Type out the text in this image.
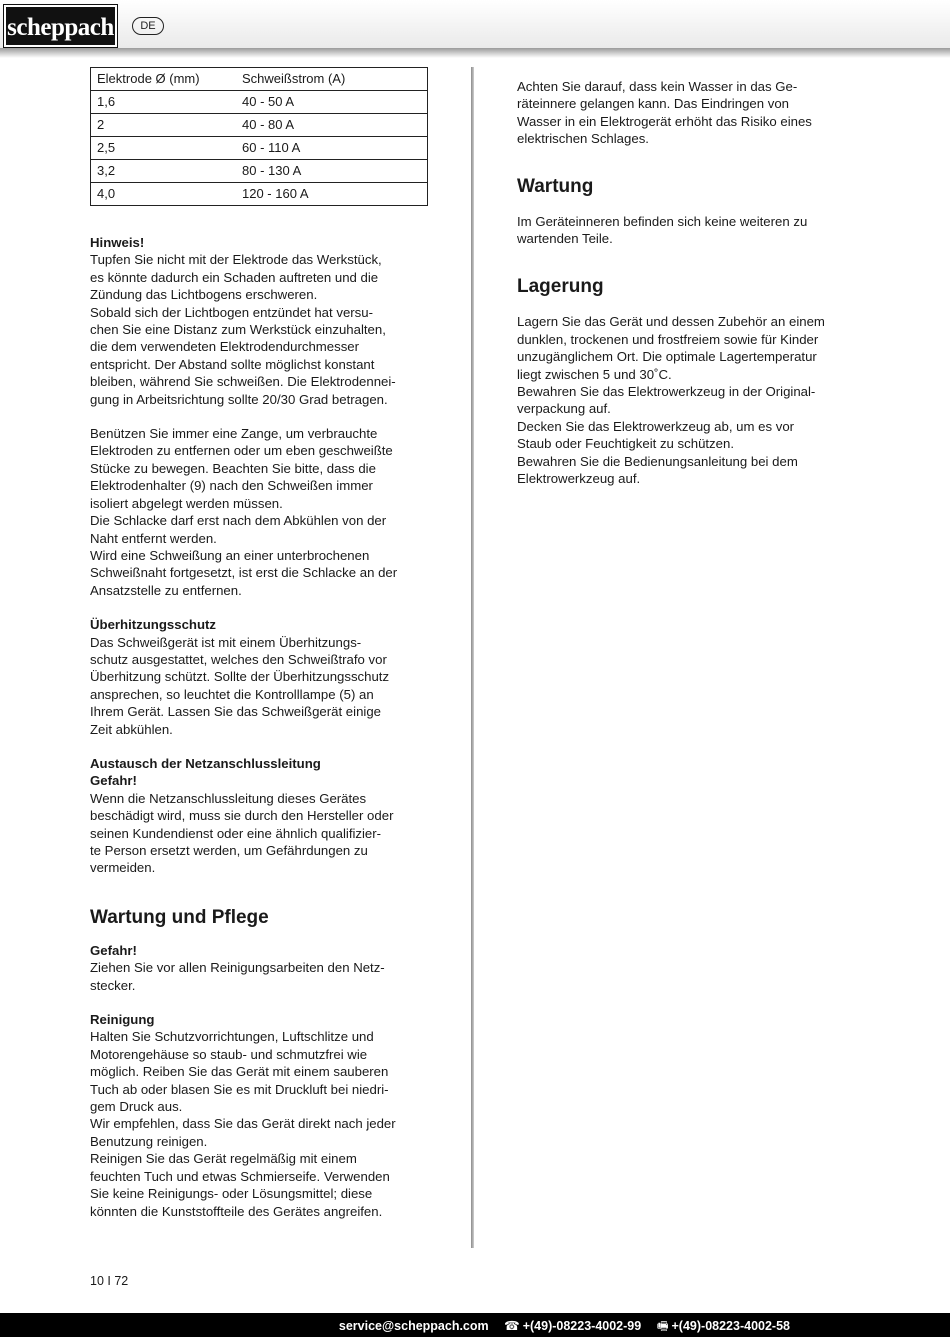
scheppach	DE
Elektrode Ø (mm)	Schweißstrom (A)
1,6	40 - 50 A
2	40 - 80 A
2,5	60 - 110 A
3,2	80 - 130 A
4,0	120 - 160 A

Hinweis!

Tupfen Sie nicht mit der Elektrode das Werkstück,

es könnte dadurch ein Schaden auftreten und die

Zündung das Lichtbogens erschweren.

Sobald sich der Lichtbogen entzündet hat versu-

chen Sie eine Distanz zum Werkstück einzuhalten,

die dem verwendeten Elektrodendurchmesser

entspricht. Der Abstand sollte möglichst konstant

bleiben, während Sie schweißen. Die Elektrodennei-

gung in Arbeitsrichtung sollte 20/30 Grad betragen.

Benützen Sie immer eine Zange, um verbrauchte

Elektroden zu entfernen oder um eben geschweißte

Stücke zu bewegen. Beachten Sie bitte, dass die

Elektrodenhalter (9) nach den Schweißen immer

isoliert abgelegt werden müssen.

Die Schlacke darf erst nach dem Abkühlen von der

Naht entfernt werden.

Wird eine Schweißung an einer unterbrochenen

Schweißnaht fortgesetzt, ist erst die Schlacke an der

Ansatzstelle zu entfernen.

Überhitzungsschutz

Das Schweißgerät ist mit einem Überhitzungs-

schutz ausgestattet, welches den Schweißtrafo vor

Überhitzung schützt. Sollte der Überhitzungsschutz

ansprechen, so leuchtet die Kontrolllampe (5) an

Ihrem Gerät. Lassen Sie das Schweißgerät einige

Zeit abkühlen.

Austausch der Netzanschlussleitung

Gefahr!

Wenn die Netzanschlussleitung dieses Gerätes

beschädigt wird, muss sie durch den Hersteller oder

seinen Kundendienst oder eine ähnlich qualifizier-

te Person ersetzt werden, um Gefährdungen zu

vermeiden.

Wartung und Pflege

Gefahr!

Ziehen Sie vor allen Reinigungsarbeiten den Netz-

stecker.

Reinigung

Halten Sie Schutzvorrichtungen, Luftschlitze und

Motorengehäuse so staub- und schmutzfrei wie

möglich. Reiben Sie das Gerät mit einem sauberen

Tuch ab oder blasen Sie es mit Druckluft bei niedri-

gem Druck aus.

Wir empfehlen, dass Sie das Gerät direkt nach jeder

Benutzung reinigen.

Reinigen Sie das Gerät regelmäßig mit einem

feuchten Tuch und etwas Schmierseife. Verwenden

Sie keine Reinigungs- oder Lösungsmittel; diese

könnten die Kunststoffteile des Gerätes angreifen.

Achten Sie darauf, dass kein Wasser in das Ge-

räteinnere gelangen kann. Das Eindringen von

Wasser in ein Elektrogerät erhöht das Risiko eines

elektrischen Schlages.

Wartung

Im Geräteinneren befinden sich keine weiteren zu

wartenden Teile.

Lagerung

Lagern Sie das Gerät und dessen Zubehör an einem

dunklen, trockenen und frostfreiem sowie für Kinder

unzugänglichem Ort. Die optimale Lagertemperatur

liegt zwischen 5 und 30˚C.

Bewahren Sie das Elektrowerkzeug in der Original-

verpackung auf.

Decken Sie das Elektrowerkzeug ab, um es vor

Staub oder Feuchtigkeit zu schützen.

Bewahren Sie die Bedienungsanleitung bei dem

Elektrowerkzeug auf.

10 I 72
service@scheppach.com ☎ +(49)-08223-4002-99 🖷 +(49)-08223-4002-58
